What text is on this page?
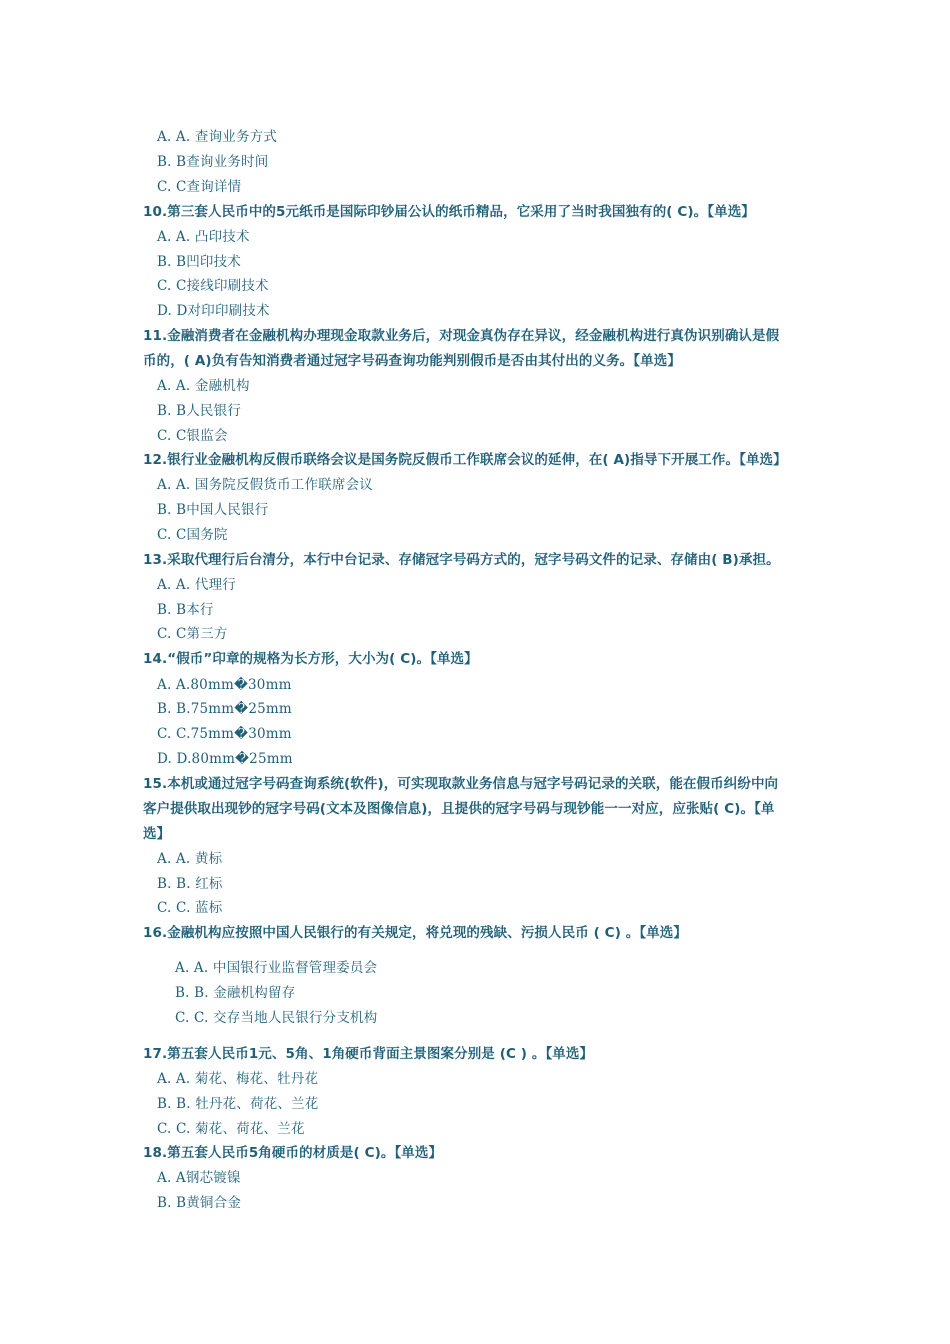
A. A. 查询业务方式
B. B查询业务时间
C. C查询详情
10.第三套人民币中的5元纸币是国际印钞届公认的纸币精品，它采用了当时我国独有的( C)。【单选】
A. A. 凸印技术
B. B凹印技术
C. C接线印刷技术
D. D对印印刷技术
11.金融消费者在金融机构办理现金取款业务后，对现金真伪存在异议，经金融机构进行真伪识别确认是假
币的，( A)负有告知消费者通过冠字号码查询功能判别假币是否由其付出的义务。【单选】
A. A. 金融机构
B. B人民银行
C. C银监会
12.银行业金融机构反假币联络会议是国务院反假币工作联席会议的延伸，在( A)指导下开展工作。【单选】
A. A. 国务院反假货币工作联席会议
B. B中国人民银行
C. C国务院
13.采取代理行后台清分，本行中台记录、存储冠字号码方式的，冠字号码文件的记录、存储由( B)承担。
A. A. 代理行
B. B本行
C. C第三方
14.“假币”印章的规格为长方形，大小为( C)。【单选】
A. A.80mm�30mm
B. B.75mm�25mm
C. C.75mm�30mm
D. D.80mm�25mm
15.本机或通过冠字号码查询系统(软件)，可实现取款业务信息与冠字号码记录的关联，能在假币纠纷中向
客户提供取出现钞的冠字号码(文本及图像信息)，且提供的冠字号码与现钞能一一对应，应张贴( C)。【单
选】
A. A. 黄标
B. B. 红标
C. C. 蓝标
16.金融机构应按照中国人民银行的有关规定，将兑现的残缺、污损人民币 ( C) 。【单选】
A. A. 中国银行业监督管理委员会
B. B. 金融机构留存
C. C. 交存当地人民银行分支机构
17.第五套人民币1元、5角、1角硬币背面主景图案分别是 (C ) 。【单选】
A. A. 菊花、梅花、牡丹花
B. B. 牡丹花、荷花、兰花
C. C. 菊花、荷花、兰花
18.第五套人民币5角硬币的材质是( C)。【单选】
A. A钢芯镀镍
B. B黄铜合金
